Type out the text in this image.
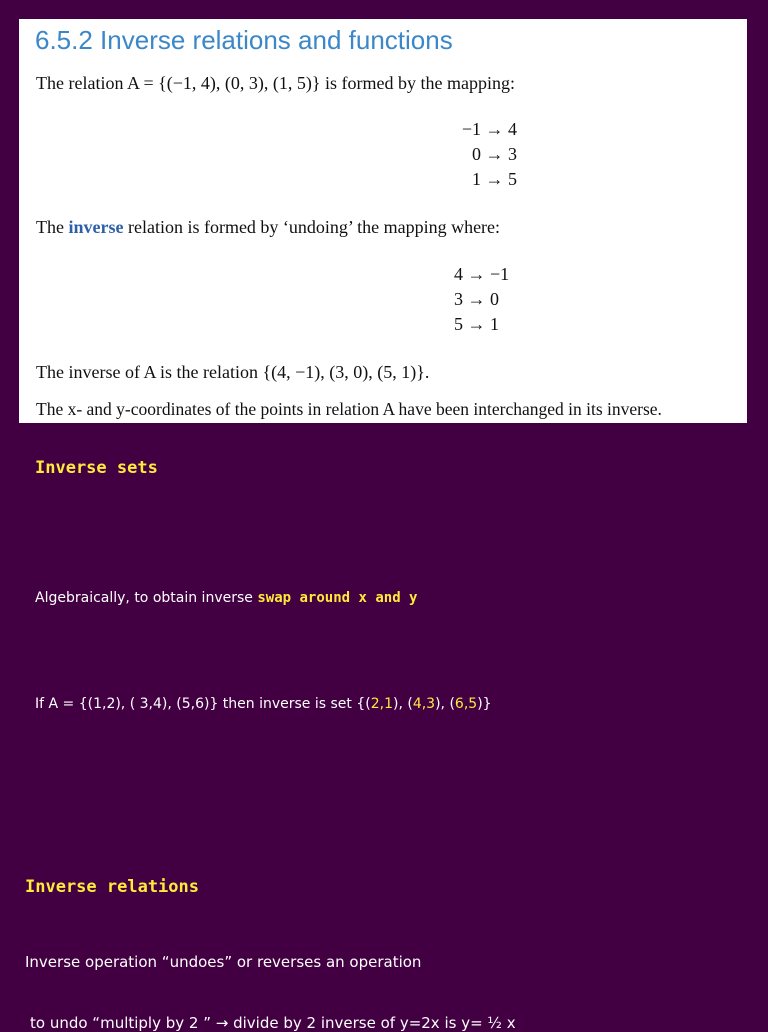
6.5.2 Inverse relations and functions
The relation A = {(−1, 4), (0, 3), (1, 5)} is formed by the mapping:
−1 → 4
0 → 3
1 → 5
The inverse relation is formed by ‘undoing’ the mapping where:
4 → −1
3 → 0
5 → 1
The inverse of A is the relation {(4, −1), (3, 0), (5, 1)}.
The x- and y-coordinates of the points in relation A have been interchanged in its inverse.
Inverse sets
Algebraically, to obtain inverse swap around x and y
If A = {(1,2), ( 3,4), (5,6)} then inverse is set {(2,1), (4,3), (6,5)}
Inverse relations
Inverse operation “undoes” or reverses an operation
to undo “multiply by 2 ” → divide by 2 inverse of y=2x is y= ½ x
